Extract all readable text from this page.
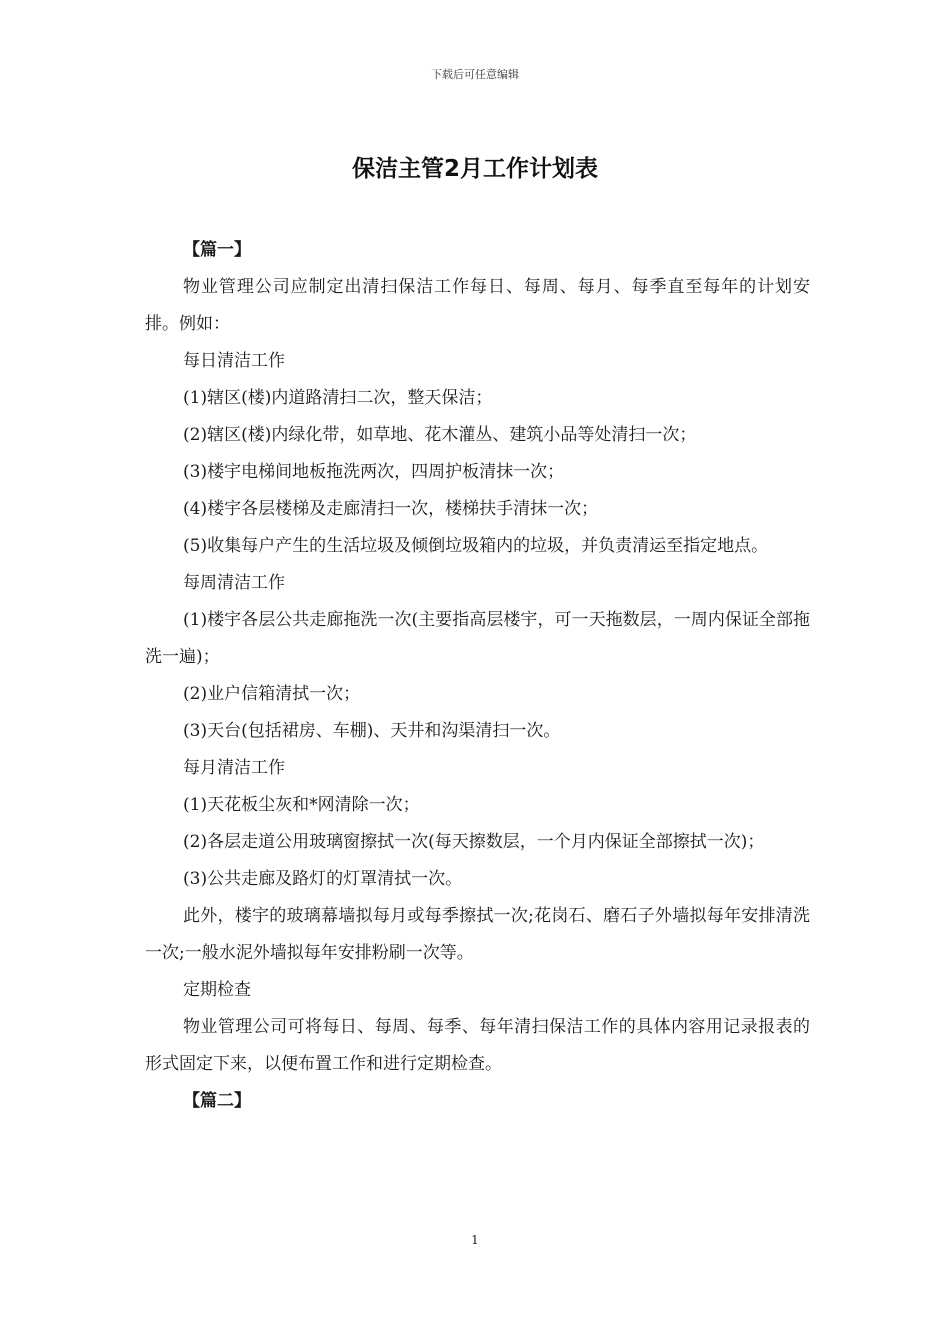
下载后可任意编辑
保洁主管2月工作计划表

【篇一】

物业管理公司应制定出清扫保洁工作每日、每周、每月、每季直至每年的计划安排。例如：

每日清洁工作

(1)辖区(楼)内道路清扫二次，整天保洁；

(2)辖区(楼)内绿化带，如草地、花木灌丛、建筑小品等处清扫一次；

(3)楼宇电梯间地板拖洗两次，四周护板清抹一次；

(4)楼宇各层楼梯及走廊清扫一次，楼梯扶手清抹一次；

(5)收集每户产生的生活垃圾及倾倒垃圾箱内的垃圾，并负责清运至指定地点。

每周清洁工作

(1)楼宇各层公共走廊拖洗一次(主要指高层楼宇，可一天拖数层，一周内保证全部拖洗一遍)；

(2)业户信箱清拭一次；

(3)天台(包括裙房、车棚)、天井和沟渠清扫一次。

每月清洁工作

(1)天花板尘灰和*网清除一次；

(2)各层走道公用玻璃窗擦拭一次(每天擦数层，一个月内保证全部擦拭一次)；

(3)公共走廊及路灯的灯罩清拭一次。

此外，楼宇的玻璃幕墙拟每月或每季擦拭一次;花岗石、磨石子外墙拟每年安排清洗一次;一般水泥外墙拟每年安排粉刷一次等。

定期检查

物业管理公司可将每日、每周、每季、每年清扫保洁工作的具体内容用记录报表的形式固定下来，以便布置工作和进行定期检查。

【篇二】

1
